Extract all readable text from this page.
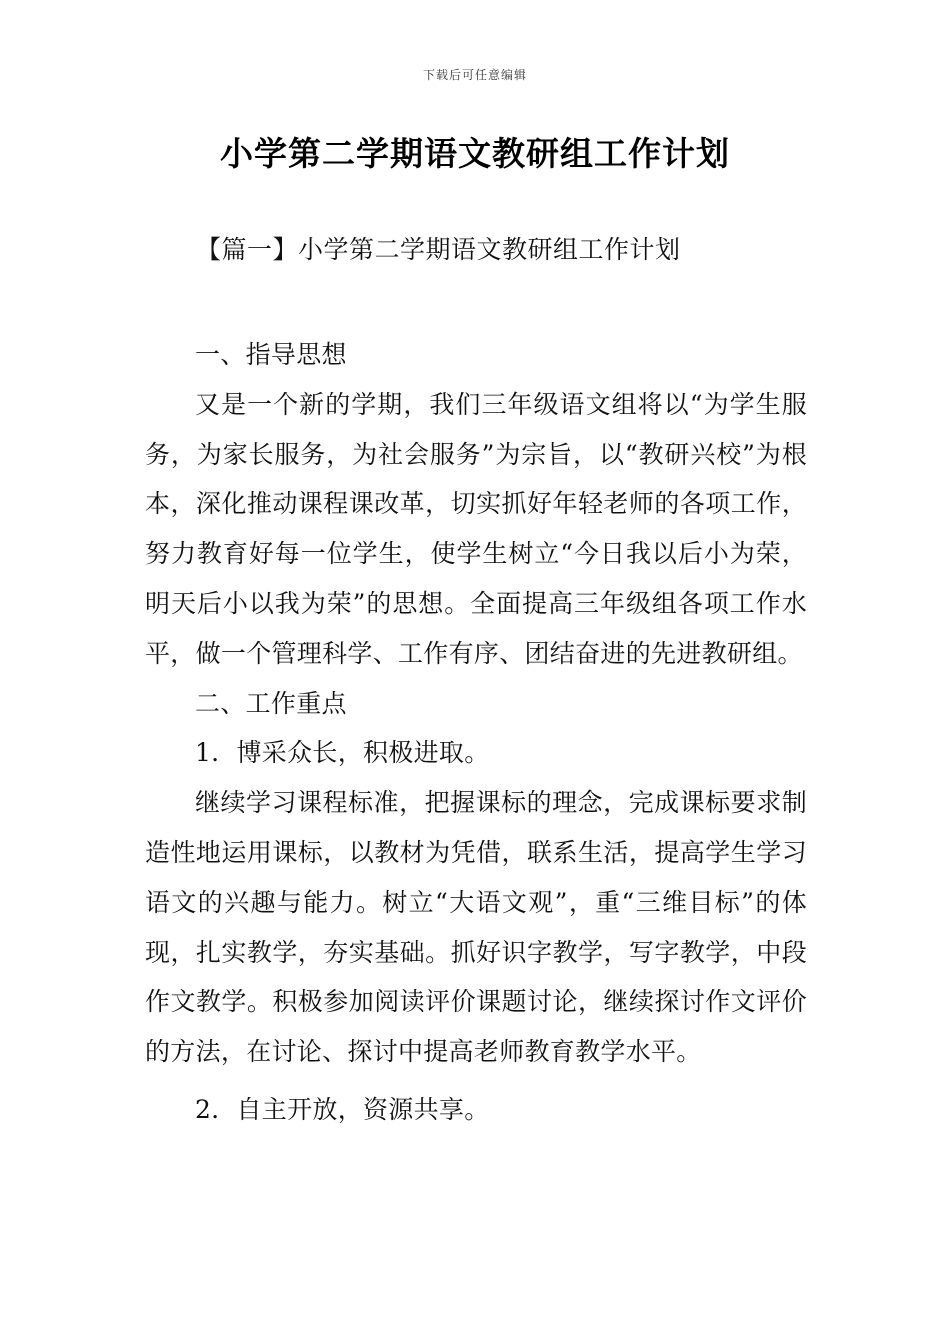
下载后可任意编辑
小学第二学期语文教研组工作计划
【篇一】小学第二学期语文教研组工作计划

一、指导思想

又是一个新的学期，我们三年级语文组将以“为学生服务，为家长服务，为社会服务”为宗旨，以“教研兴校”为根本，深化推动课程课改革，切实抓好年轻老师的各项工作，努力教育好每一位学生，使学生树立“今日我以后小为荣，明天后小以我为荣”的思想。全面提高三年级组各项工作水平，做一个管理科学、工作有序、团结奋进的先进教研组。

二、工作重点

1．博采众长，积极进取。

继续学习课程标准，把握课标的理念，完成课标要求制造性地运用课标，以教材为凭借，联系生活，提高学生学习语文的兴趣与能力。树立“大语文观”，重“三维目标”的体现，扎实教学，夯实基础。抓好识字教学，写字教学，中段作文教学。积极参加阅读评价课题讨论，继续探讨作文评价的方法，在讨论、探讨中提高老师教育教学水平。

2．自主开放，资源共享。
